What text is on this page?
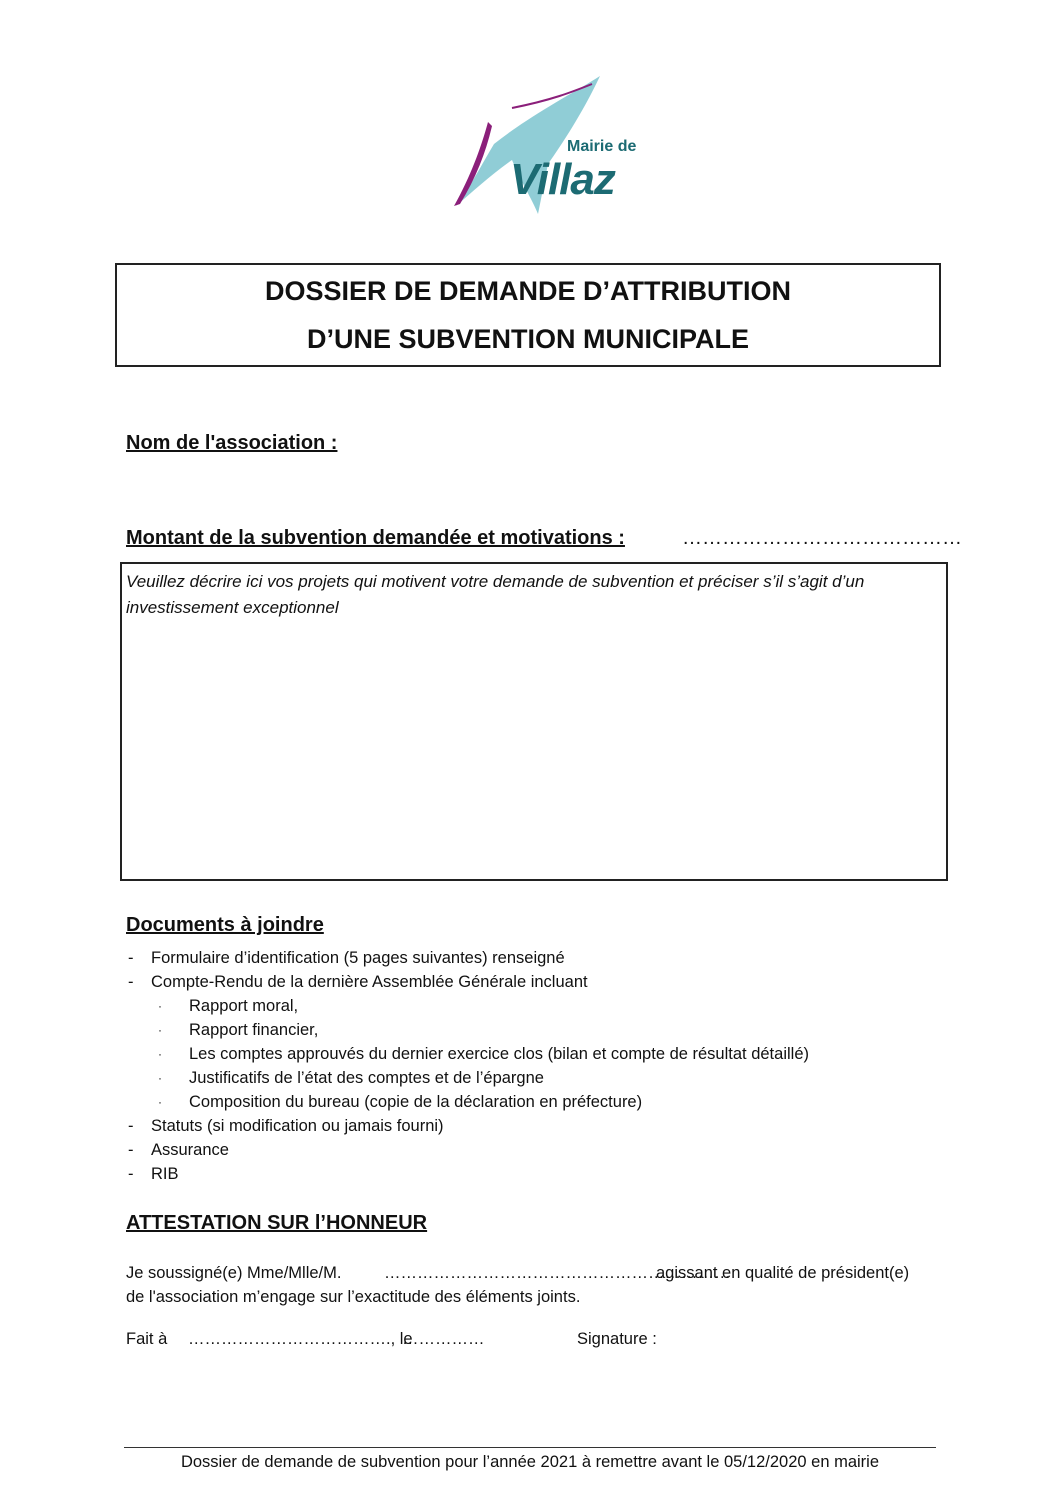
Mairie de
Villaz
DOSSIER DE DEMANDE D’ATTRIBUTION
D’UNE SUBVENTION MUNICIPALE
Nom de l'association :
Montant de la subvention demandée et motivations :	……………………………………
Veuillez décrire ici vos projets qui motivent votre demande de subvention et préciser s’il s’agit d’un investissement exceptionnel
Documents à joindre
- Formulaire d’identification (5 pages suivantes) renseigné
- Compte-Rendu de la dernière Assemblée Générale incluant
· Rapport moral,
· Rapport financier,
· Les comptes approuvés du dernier exercice clos (bilan et compte de résultat détaillé)
· Justificatifs de l’état des comptes et de l’épargne
· Composition du bureau (copie de la déclaration en préfecture)
- Statuts (si modification ou jamais fourni)
- Assurance
- RIB
ATTESTATION SUR l’HONNEUR
Je soussigné(e) Mme/Mlle/M.	………………………………………………………
agissant en qualité de président(e)
de l'association m’engage sur l’exactitude des éléments joints.
Fait à ………………………………., le
……………	Signature :
Dossier de demande de subvention pour l’année 2021 à remettre avant le 05/12/2020 en mairie
